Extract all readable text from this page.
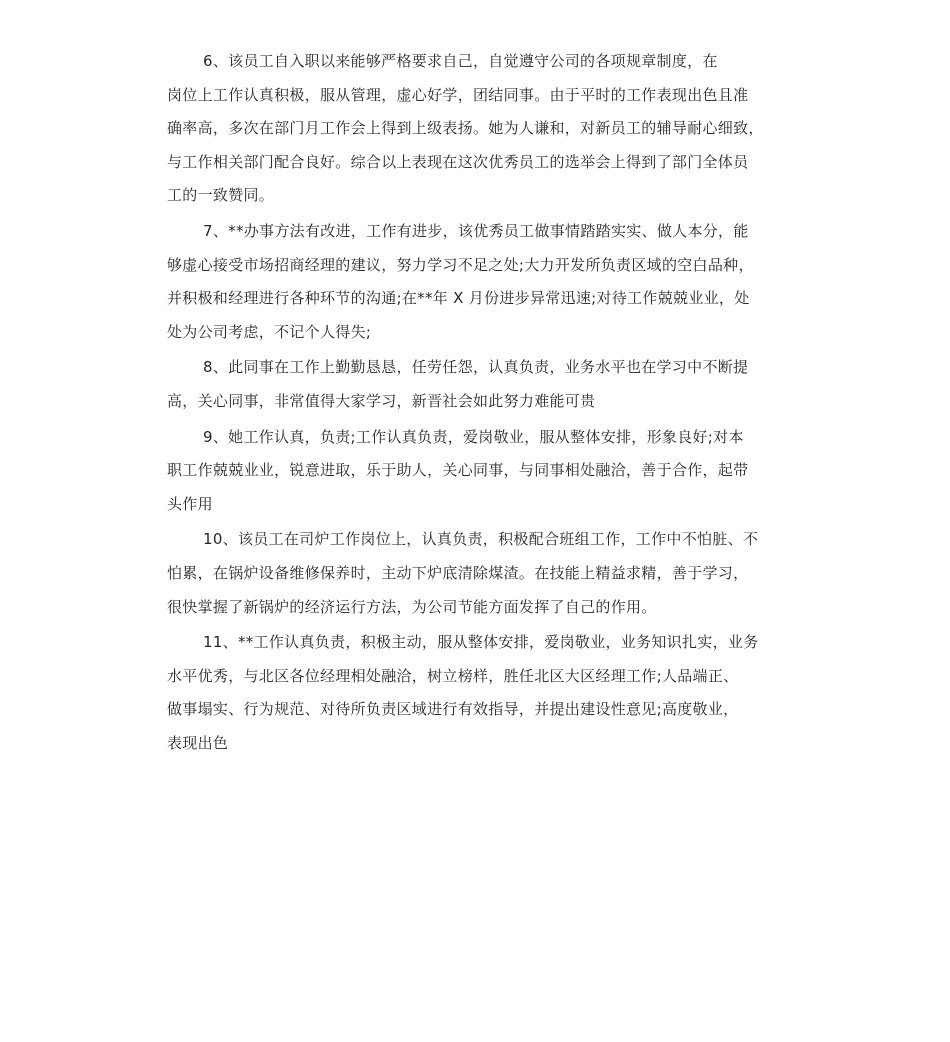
6、该员工自入职以来能够严格要求自己，自觉遵守公司的各项规章制度，在
岗位上工作认真积极，服从管理，虚心好学，团结同事。由于平时的工作表现出色且准
确率高，多次在部门月工作会上得到上级表扬。她为人谦和，对新员工的辅导耐心细致，
与工作相关部门配合良好。综合以上表现在这次优秀员工的选举会上得到了部门全体员
工的一致赞同。
7、**办事方法有改进，工作有进步，该优秀员工做事情踏踏实实、做人本分，能
够虚心接受市场招商经理的建议，努力学习不足之处;大力开发所负责区域的空白品种，
并积极和经理进行各种环节的沟通;在**年 X 月份进步异常迅速;对待工作兢兢业业，处
处为公司考虑，不记个人得失;
8、此同事在工作上勤勤恳恳，任劳任怨，认真负责，业务水平也在学习中不断提
高，关心同事，非常值得大家学习，新晋社会如此努力难能可贵
9、她工作认真，负责;工作认真负责，爱岗敬业，服从整体安排，形象良好;对本
职工作兢兢业业，锐意进取，乐于助人，关心同事，与同事相处融洽，善于合作，起带
头作用
10、该员工在司炉工作岗位上，认真负责，积极配合班组工作，工作中不怕脏、不
怕累，在锅炉设备维修保养时，主动下炉底清除煤渣。在技能上精益求精，善于学习，
很快掌握了新锅炉的经济运行方法，为公司节能方面发挥了自己的作用。
11、**工作认真负责，积极主动，服从整体安排，爱岗敬业，业务知识扎实，业务
水平优秀，与北区各位经理相处融洽，树立榜样，胜任北区大区经理工作;人品端正、
做事塌实、行为规范、对待所负责区域进行有效指导，并提出建设性意见;高度敬业，
表现出色
